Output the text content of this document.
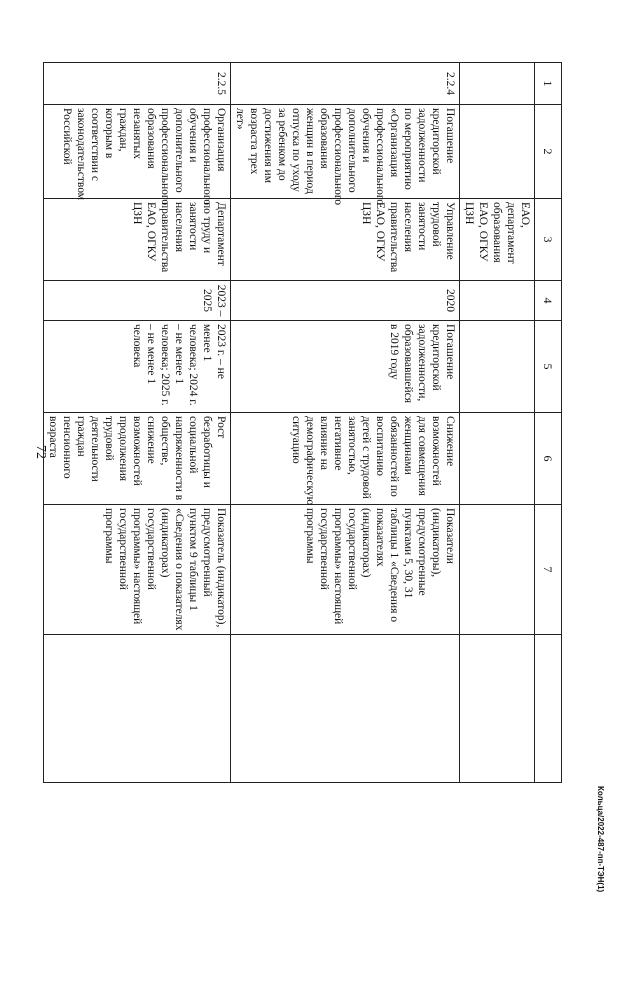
72
1	2	3	4	5	6	7	
		ЕАО, департамент образования ЕАО, ОГКУ ЦЗН					
2.2.4	Погашение кредиторской задолженности по мероприятию «Организация профессионального обучения и дополнительного профессионального образования женщин в период отпуска по уходу за ребенком до достижения им возраста трех лет»	Управление трудовой занятости населения правительства ЕАО, ОГКУ ЦЗН	2020	Погашение кредиторской задолженности, образовавшейся в 2019 году	Снижение возможностей для совмещения женщинами обязанностей по воспитанию детей с трудовой занятостью, негативное влияние на демографическую ситуацию	Показатели (индикаторы), предусмотренные пунктами 5, 30, 31 таблицы 1 «Сведения о показателях (индикаторах) государственной программы» настоящей государственной программы	
2.2.5	Организация профессионального обучения и дополнительного профессионального образования незанятых граждан, которым в соответствии с законодательством Российской	Департамент по труду и занятости населения правительства ЕАО, ОГКУ ЦЗН	2023 – 2025	2023 г. – не менее 1 человека; 2024 г. – не менее 1 человека; 2025 г. – не менее 1 человека	Рост безработицы и социальной напряженности в обществе, снижение возможностей продолжения трудовой деятельности граждан пенсионного возраста	Показатель (индикатор), предусмотренный пунктом 9 таблицы 1 «Сведения о показателях (индикаторах) государственной программы» настоящей государственной программы	
Кольца/2022-487-пп-ТЭН(1)
